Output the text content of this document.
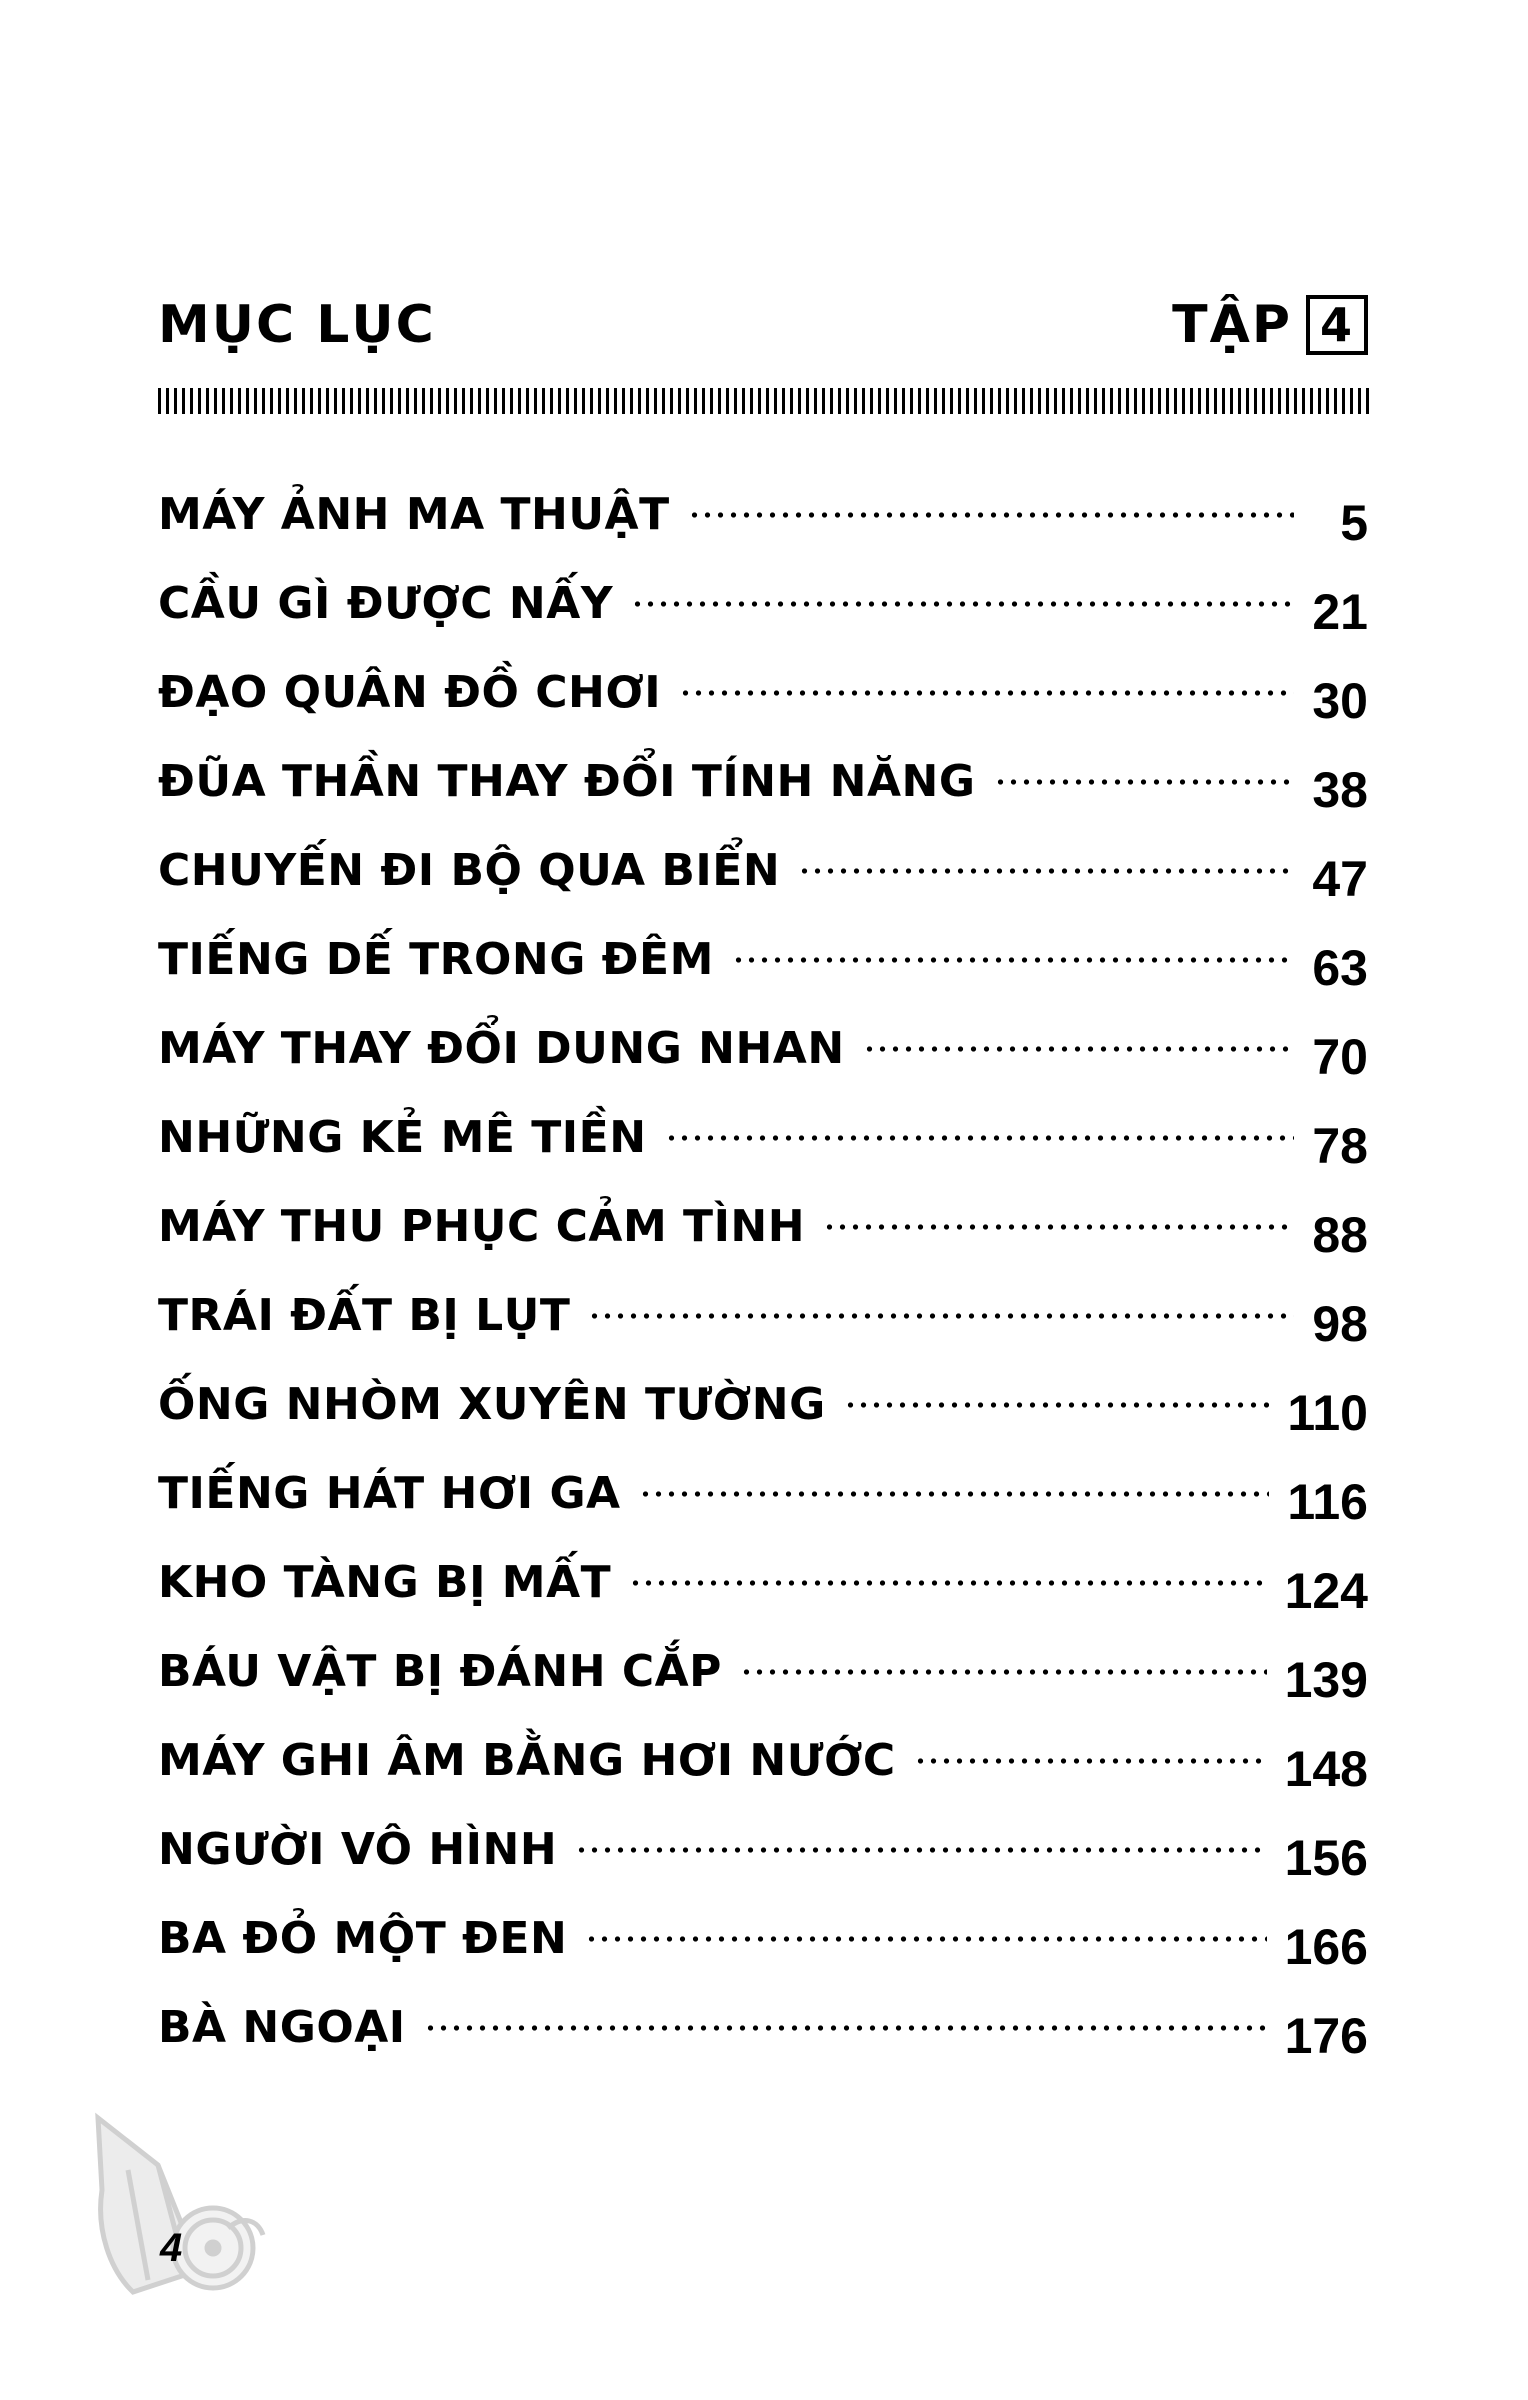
MỤC LỤC	TẬP 4
MÁY ẢNH MA THUẬT	5
CẦU GÌ ĐƯỢC NẤY	21
ĐẠO QUÂN ĐỒ CHƠI	30
ĐŨA THẦN THAY ĐỔI TÍNH NĂNG	38
CHUYẾN ĐI BỘ QUA BIỂN	47
TIẾNG DẾ TRONG ĐÊM	63
MÁY THAY ĐỔI DUNG NHAN	70
NHỮNG KẺ MÊ TIỀN	78
MÁY THU PHỤC CẢM TÌNH	88
TRÁI ĐẤT BỊ LỤT	98
ỐNG NHÒM XUYÊN TƯỜNG	110
TIẾNG HÁT HƠI GA	116
KHO TÀNG BỊ MẤT	124
BÁU VẬT BỊ ĐÁNH CẮP	139
MÁY GHI ÂM BẰNG HƠI NƯỚC	148
NGƯỜI VÔ HÌNH	156
BA ĐỎ MỘT ĐEN	166
BÀ NGOẠI	176
4
